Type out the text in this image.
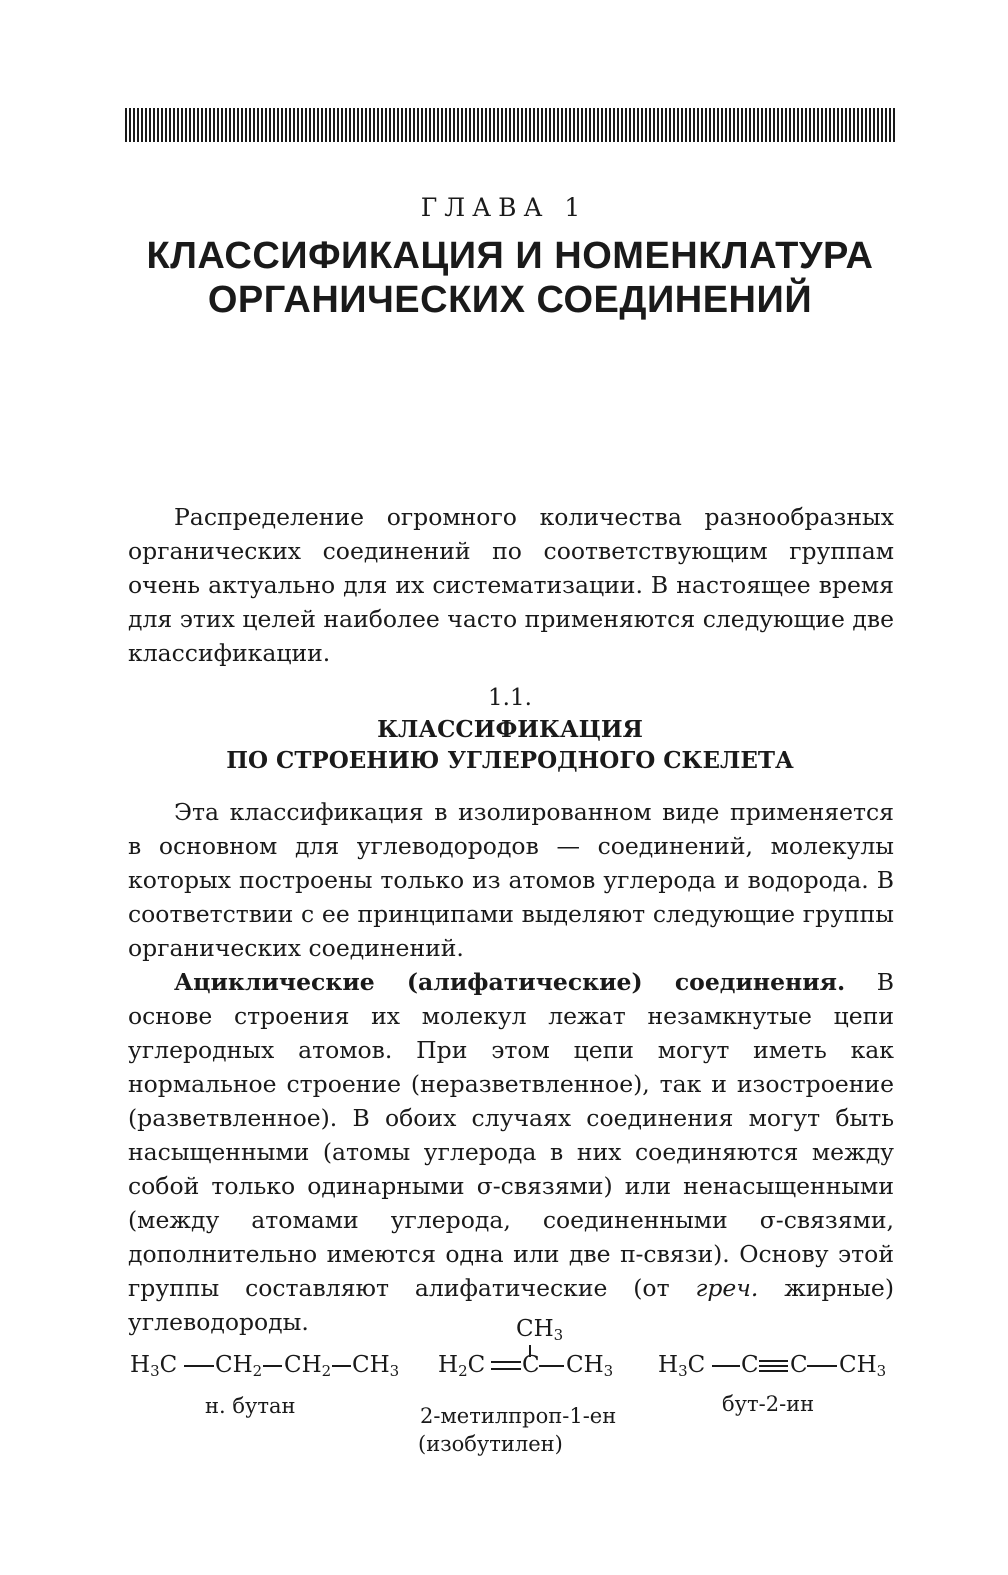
ГЛАВА 1
КЛАССИФИКАЦИЯ И НОМЕНКЛАТУРА
ОРГАНИЧЕСКИХ СОЕДИНЕНИЙ

Распределение огромного количества разнообразных органических соединений по соответствующим группам очень актуально для их систематизации. В настоящее время для этих целей наиболее часто применяются следующие две классификации.

1.1.
КЛАССИФИКАЦИЯ
ПО СТРОЕНИЮ УГЛЕРОДНОГО СКЕЛЕТА

Эта классификация в изолированном виде применяется в основном для углеводородов — соединений, молекулы которых построены только из атомов углерода и водорода. В соответствии с ее принципами выделяют следующие группы органических соединений.

Ациклические (алифатические) соединения. В основе строения их молекул лежат незамкнутые цепи углеродных атомов. При этом цепи могут иметь как нормальное строение (неразветвленное), так и изостроение (разветвленное). В обоих случаях соединения могут быть насыщенными (атомы углерода в них соединяются между собой только одинарными σ-связями) или ненасыщенными (между атомами углерода, соединенными σ-связями, дополнительно имеются одна или две π-связи). Основу этой группы составляют алифатические (от греч. жирные) углеводороды.

$H_3C$ $CH_2$ $CH_2$ $CH_3$
н. бутан
$CH_3$
$H_2C$ C $CH_3$
2-метилпроп-1-ен
(изобутилен)
$H_3C$ C C $CH_3$
бут-2-ин
